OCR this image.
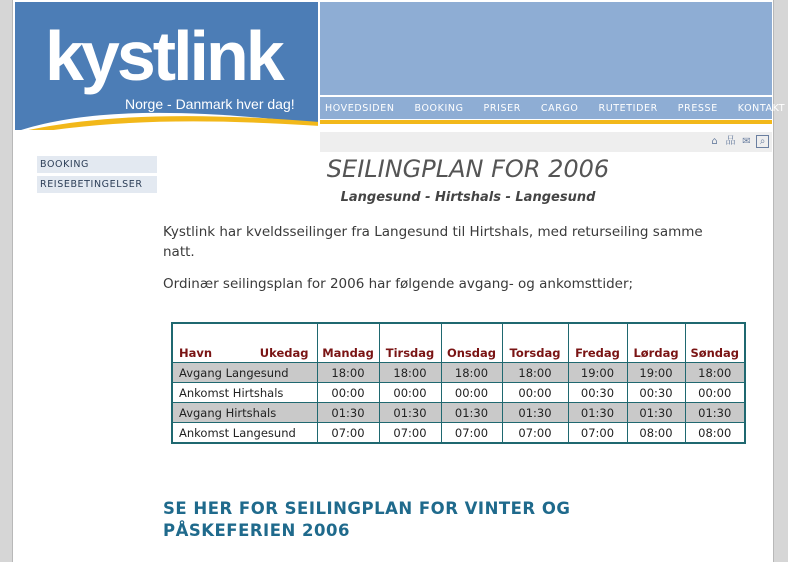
kystlink
Norge - Danmark hver dag!	HOVEDSIDEN	BOOKING	PRISER	CARGO	RUTETIDER	PRESSE	KONTAKT
⌂ 品 ✉ ⌕
BOOKING
REISEBETINGELSER
SEILINGPLAN FOR 2006
Langesund - Hirtshals - Langesund
Kystlink har kveldsseilinger fra Langesund til Hirtshals, med returseiling samme natt.
Ordinær seilingsplan for 2006 har følgende avgang- og ankomsttider;
Havn Ukedag	Mandag	Tirsdag	Onsdag	Torsdag	Fredag	Lørdag	Søndag
Avgang Langesund	18:00	18:00	18:00	18:00	19:00	19:00	18:00
Ankomst Hirtshals	00:00	00:00	00:00	00:00	00:30	00:30	00:00
Avgang Hirtshals	01:30	01:30	01:30	01:30	01:30	01:30	01:30
Ankomst Langesund	07:00	07:00	07:00	07:00	07:00	08:00	08:00
SE HER FOR SEILINGPLAN FOR VINTER OG PÅSKEFERIEN 2006
